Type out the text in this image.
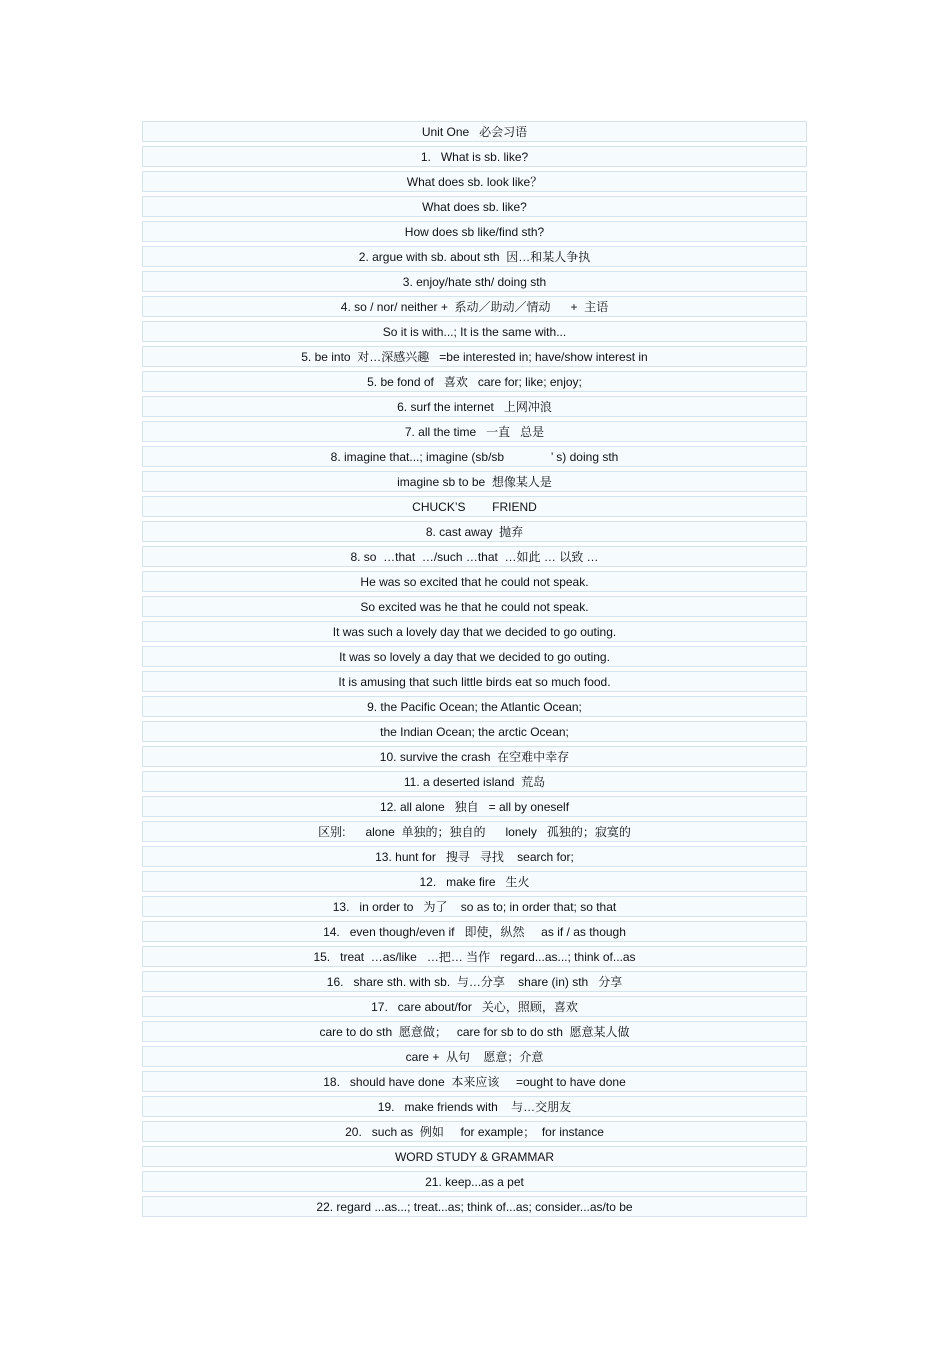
Unit One   必会习语
1.   What is sb. like?
What does sb. look like？
What does sb. like?
How does sb like/find sth?
2. argue with sb. about sth  因…和某人争执
3. enjoy/hate sth/ doing sth
4. so / nor/ neither +  系动／助动／情动      +  主语
So it is with...; It is the same with...
5. be into  对…深感兴趣   =be interested in; have/show interest in
5. be fond of   喜欢   care for; like; enjoy;
6. surf the internet   上网冲浪
7. all the time   一直   总是
8. imagine that...; imagine (sb/sb              ’ s) doing sth
imagine sb to be  想像某人是
CHUCK’S        FRIEND
8. cast away  抛弃
8. so  …that  …/such …that  …如此 … 以致 …
He was so excited that he could not speak.
So excited was he that he could not speak.
It was such a lovely day that we decided to go outing.
It was so lovely a day that we decided to go outing.
It is amusing that such little birds eat so much food.
9. the Pacific Ocean; the Atlantic Ocean;
the Indian Ocean; the arctic Ocean;
10. survive the crash  在空难中幸存
11. a deserted island  荒岛
12. all alone   独自   = all by oneself
区别:      alone  单独的；独自的      lonely   孤独的；寂寞的
13. hunt for   搜寻   寻找    search for;
12.   make fire   生火
13.   in order to   为了    so as to; in order that; so that
14.   even though/even if   即使，纵然     as if / as though
15.   treat  …as/like   …把… 当作   regard...as...; think of...as
16.   share sth. with sb.  与…分享    share (in) sth   分享
17.   care about/for   关心，照顾，喜欢
care to do sth  愿意做；   care for sb to do sth  愿意某人做
care +  从句    愿意；介意
18.   should have done  本来应该     =ought to have done
19.   make friends with    与…交朋友
20.   such as  例如     for example；  for instance
WORD STUDY & GRAMMAR
21. keep...as a pet
22. regard ...as...; treat...as; think of...as; consider...as/to be
